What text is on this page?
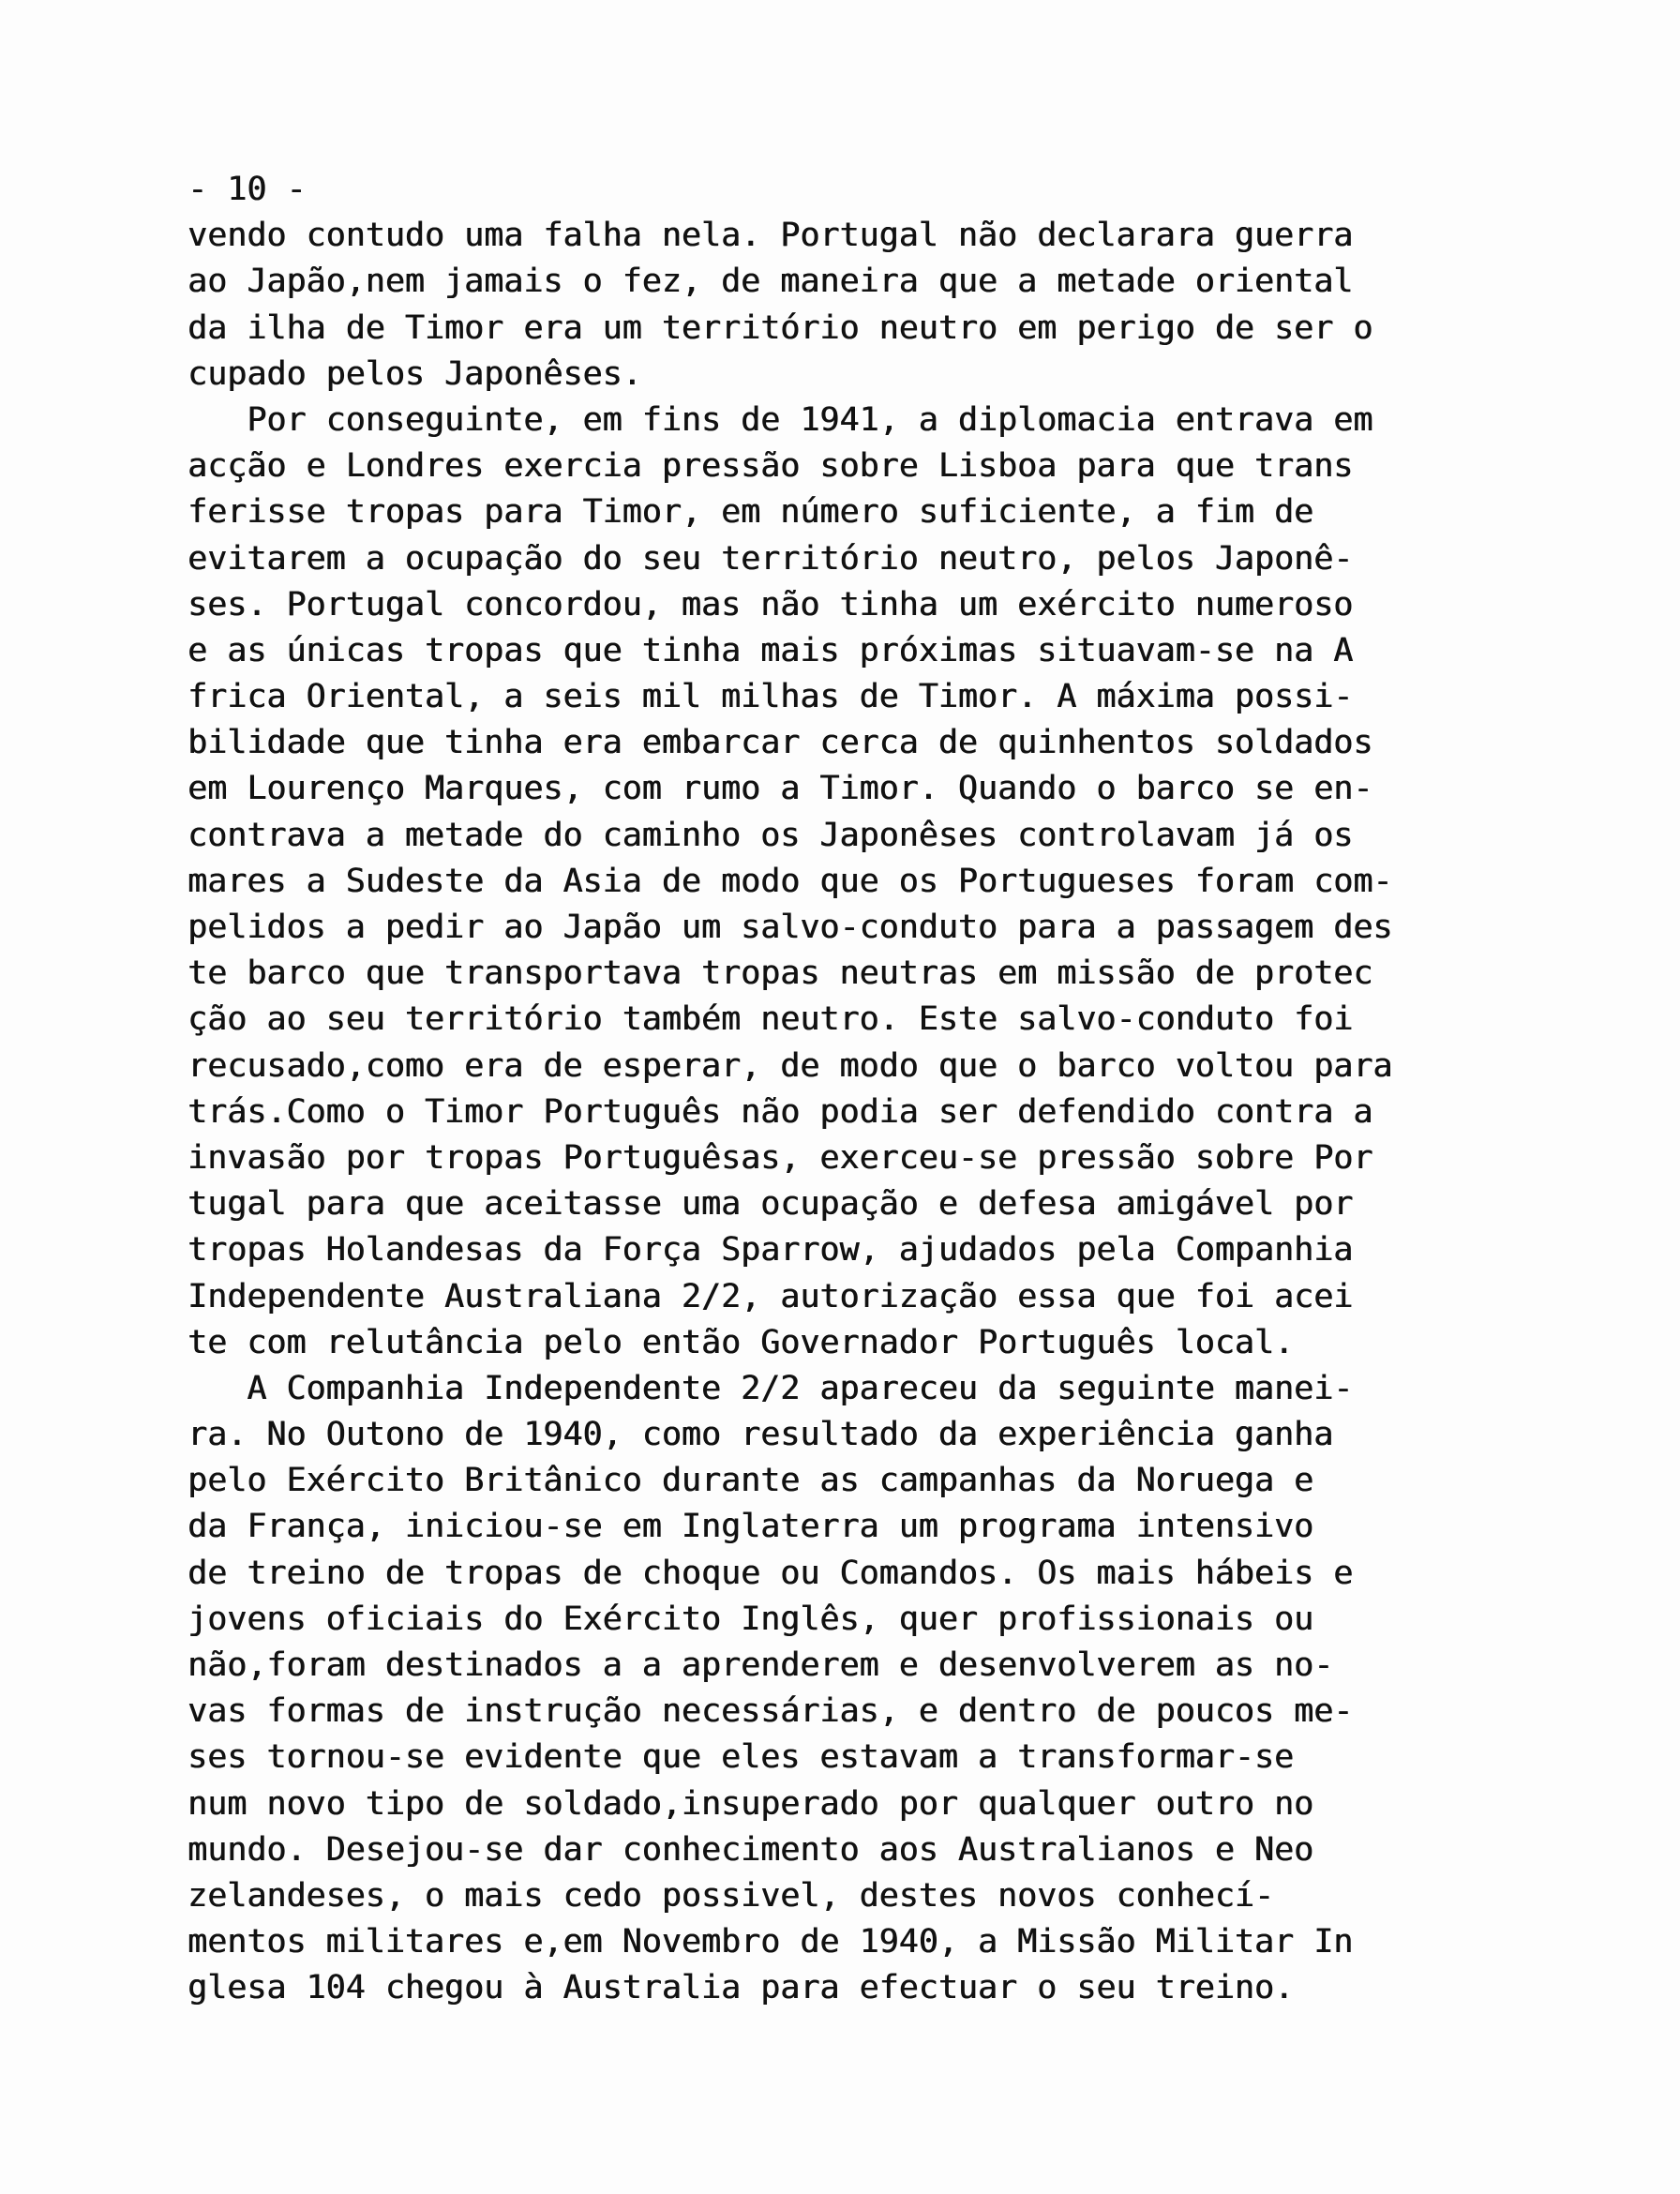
- 10 -
vendo contudo uma falha nela. Portugal não declarara guerra
ao Japão,nem jamais o fez, de maneira que a metade oriental
da ilha de Timor era um território neutro em perigo de ser o
cupado pelos Japonêses.
Por conseguinte, em fins de 1941, a diplomacia entrava em
acção e Londres exercia pressão sobre Lisboa para que trans
ferisse tropas para Timor, em número suficiente, a fim de
evitarem a ocupação do seu território neutro, pelos Japonê-
ses. Portugal concordou, mas não tinha um exército numeroso
e as únicas tropas que tinha mais próximas situavam-se na A
frica Oriental, a seis mil milhas de Timor. A máxima possi-
bilidade que tinha era embarcar cerca de quinhentos soldados
em Lourenço Marques, com rumo a Timor. Quando o barco se en-
contrava a metade do caminho os Japonêses controlavam já os
mares a Sudeste da Asia de modo que os Portugueses foram com-
pelidos a pedir ao Japão um salvo-conduto para a passagem des
te barco que transportava tropas neutras em missão de protec
ção ao seu território também neutro. Este salvo-conduto foi
recusado,como era de esperar, de modo que o barco voltou para
trás.Como o Timor Português não podia ser defendido contra a
invasão por tropas Portuguêsas, exerceu-se pressão sobre Por
tugal para que aceitasse uma ocupação e defesa amigável por
tropas Holandesas da Força Sparrow, ajudados pela Companhia
Independente Australiana 2/2, autorização essa que foi acei
te com relutância pelo então Governador Português local.
A Companhia Independente 2/2 apareceu da seguinte manei-
ra. No Outono de 1940, como resultado da experiência ganha
pelo Exército Britânico durante as campanhas da Noruega e
da França, iniciou-se em Inglaterra um programa intensivo
de treino de tropas de choque ou Comandos. Os mais hábeis e
jovens oficiais do Exército Inglês, quer profissionais ou
não,foram destinados a a aprenderem e desenvolverem as no-
vas formas de instrução necessárias, e dentro de poucos me-
ses tornou-se evidente que eles estavam a transformar-se
num novo tipo de soldado,insuperado por qualquer outro no
mundo. Desejou-se dar conhecimento aos Australianos e Neo
zelandeses, o mais cedo possivel, destes novos conhecí-
mentos militares e,em Novembro de 1940, a Missão Militar In
glesa 104 chegou à Australia para efectuar o seu treino.
